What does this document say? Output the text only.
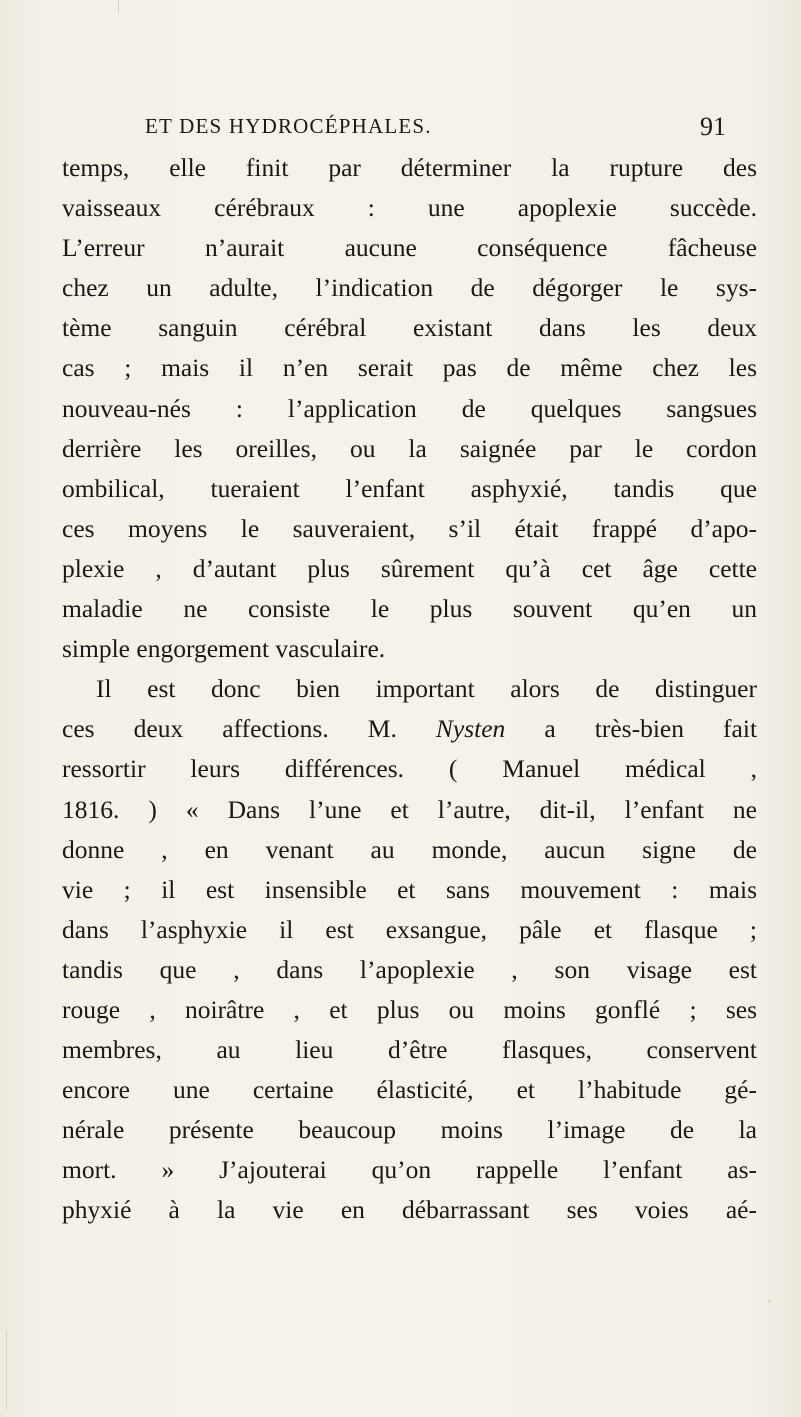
ET DES HYDROCÉPHALES.	91
temps, elle finit par déterminer la rupture des
vaisseaux cérébraux : une apoplexie succède.
L’erreur n’aurait aucune conséquence fâcheuse
chez un adulte, l’indication de dégorger le sys-
tème sanguin cérébral existant dans les deux
cas ; mais il n’en serait pas de même chez les
nouveau-nés : l’application de quelques sangsues
derrière les oreilles, ou la saignée par le cordon
ombilical, tueraient l’enfant asphyxié, tandis que
ces moyens le sauveraient, s’il était frappé d’apo-
plexie , d’autant plus sûrement qu’à cet âge cette
maladie ne consiste le plus souvent qu’en un
simple engorgement vasculaire.
Il est donc bien important alors de distinguer
ces deux affections. M. Nysten a très-bien fait
ressortir leurs différences. ( Manuel médical ,
1816. ) « Dans l’une et l’autre, dit-il, l’enfant ne
donne , en venant au monde, aucun signe de
vie ; il est insensible et sans mouvement : mais
dans l’asphyxie il est exsangue, pâle et flasque ;
tandis que , dans l’apoplexie , son visage est
rouge , noirâtre , et plus ou moins gonflé ; ses
membres, au lieu d’être flasques, conservent
encore une certaine élasticité, et l’habitude gé-
nérale présente beaucoup moins l’image de la
mort. » J’ajouterai qu’on rappelle l’enfant as-
phyxié à la vie en débarrassant ses voies aé-
